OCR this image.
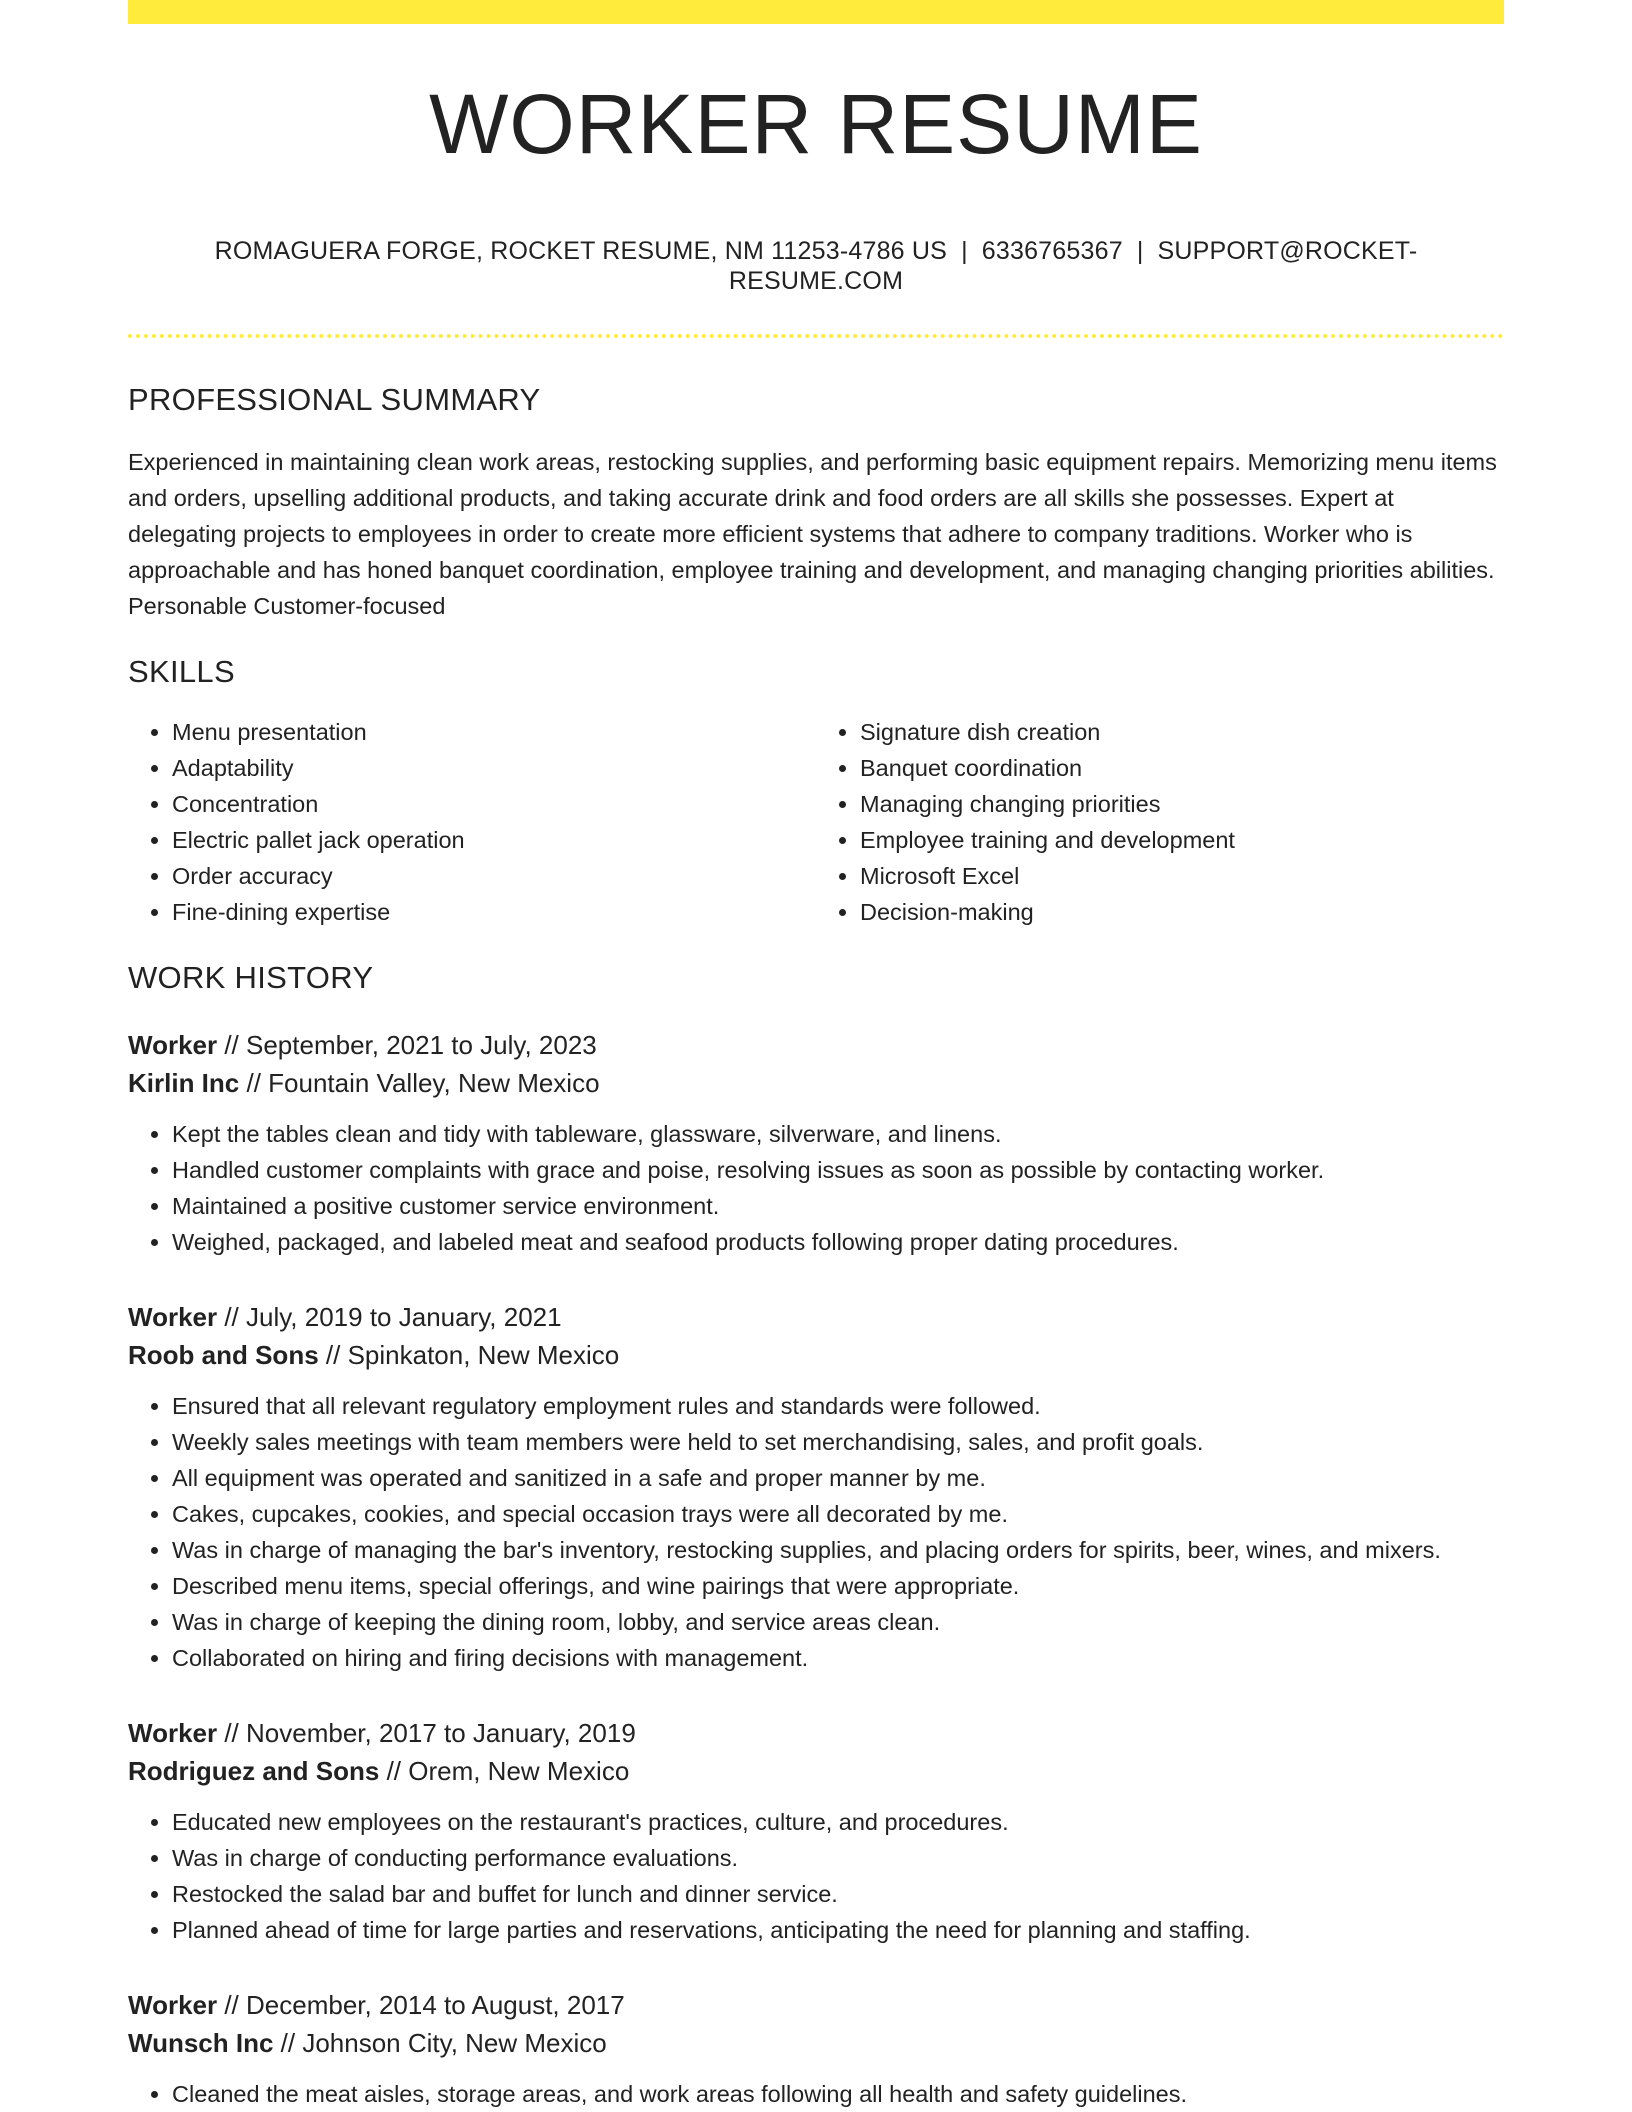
WORKER RESUME
ROMAGUERA FORGE, ROCKET RESUME, NM 11253-4786 US | 6336765367 | SUPPORT@ROCKET-RESUME.COM
PROFESSIONAL SUMMARY

Experienced in maintaining clean work areas, restocking supplies, and performing basic equipment repairs. Memorizing menu items and orders, upselling additional products, and taking accurate drink and food orders are all skills she possesses. Expert at delegating projects to employees in order to create more efficient systems that adhere to company traditions. Worker who is approachable and has honed banquet coordination, employee training and development, and managing changing priorities abilities. Personable Customer-focused

SKILLS
• Menu presentation
• Adaptability
• Concentration
• Electric pallet jack operation
• Order accuracy
• Fine-dining expertise
• Signature dish creation
• Banquet coordination
• Managing changing priorities
• Employee training and development
• Microsoft Excel
• Decision-making
WORK HISTORY
Worker // September, 2021 to July, 2023
Kirlin Inc // Fountain Valley, New Mexico
• Kept the tables clean and tidy with tableware, glassware, silverware, and linens.
• Handled customer complaints with grace and poise, resolving issues as soon as possible by contacting worker.
• Maintained a positive customer service environment.
• Weighed, packaged, and labeled meat and seafood products following proper dating procedures.
Worker // July, 2019 to January, 2021
Roob and Sons // Spinkaton, New Mexico
• Ensured that all relevant regulatory employment rules and standards were followed.
• Weekly sales meetings with team members were held to set merchandising, sales, and profit goals.
• All equipment was operated and sanitized in a safe and proper manner by me.
• Cakes, cupcakes, cookies, and special occasion trays were all decorated by me.
• Was in charge of managing the bar's inventory, restocking supplies, and placing orders for spirits, beer, wines, and mixers.
• Described menu items, special offerings, and wine pairings that were appropriate.
• Was in charge of keeping the dining room, lobby, and service areas clean.
• Collaborated on hiring and firing decisions with management.
Worker // November, 2017 to January, 2019
Rodriguez and Sons // Orem, New Mexico
• Educated new employees on the restaurant's practices, culture, and procedures.
• Was in charge of conducting performance evaluations.
• Restocked the salad bar and buffet for lunch and dinner service.
• Planned ahead of time for large parties and reservations, anticipating the need for planning and staffing.
Worker // December, 2014 to August, 2017
Wunsch Inc // Johnson City, New Mexico
• Cleaned the meat aisles, storage areas, and work areas following all health and safety guidelines.
